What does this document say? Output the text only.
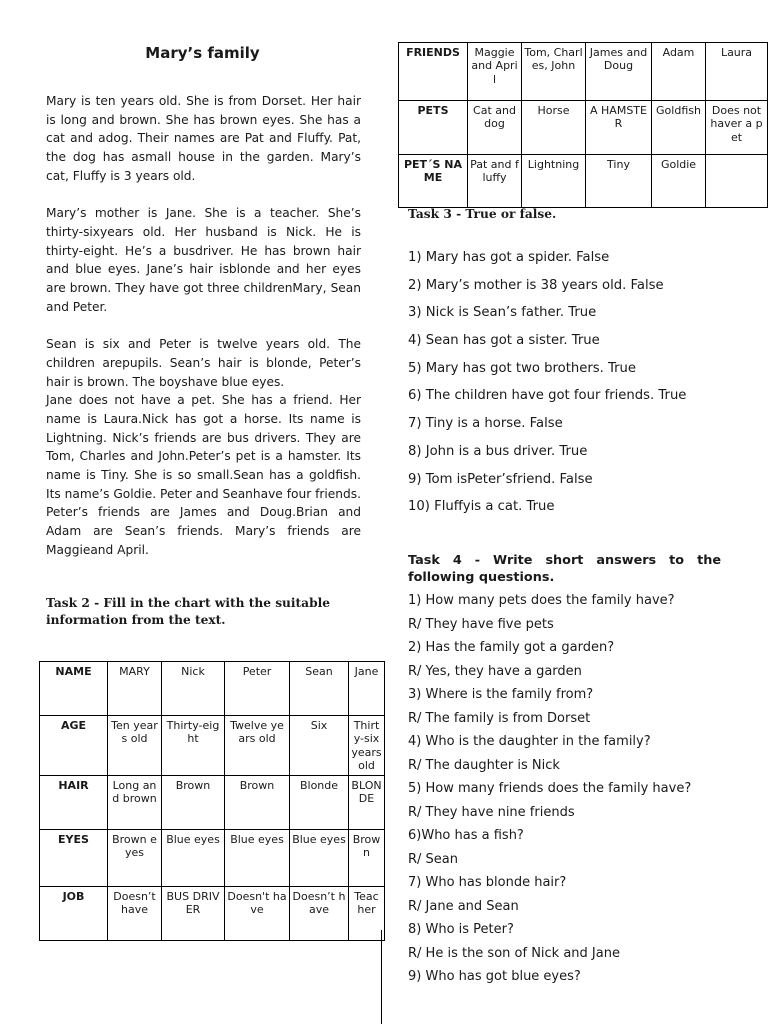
Mary’s family

Mary is ten years old. She is from Dorset. Her hair is long and brown. She has brown eyes. She has a cat and adog. Their names are Pat and Fluffy. Pat, the dog has asmall house in the garden. Mary’s cat, Fluffy is 3 years old.

Mary’s mother is Jane. She is a teacher. She’s thirty-sixyears old. Her husband is Nick. He is thirty-eight. He’s a busdriver. He has brown hair and blue eyes. Jane’s hair isblonde and her eyes are brown. They have got three childrenMary, Sean and Peter.

Sean is six and Peter is twelve years old. The children arepupils. Sean’s hair is blonde, Peter’s hair is brown. The boyshave blue eyes.

Jane does not have a pet. She has a friend. Her name is Laura.Nick has got a horse. Its name is Lightning. Nick’s friends are bus drivers. They are Tom, Charles and John.Peter’s pet is a hamster. Its name is Tiny. She is so small.Sean has a goldfish. Its name’s Goldie. Peter and Seanhave four friends. Peter’s friends are James and Doug.Brian and Adam are Sean’s friends. Mary’s friends are Maggieand April.

Task 2 - Fill in the chart with the suitable information from the text.
NAME	MARY	Nick	Peter	Sean	Jane
AGE	Ten years old	Thirty-eight	Twelve years old	Six	Thirty-six years old
HAIR	Long and brown	Brown	Brown	Blonde	BLONDE
EYES	Brown eyes	Blue eyes	Blue eyes	Blue eyes	Brown
JOB	Doesn’t have	BUS DRIVER	Doesn't have	Doesn’t have	Teacher
FRIENDS	Maggie and April	Tom, Charles, John	James and Doug	Adam	Laura
PETS	Cat and dog	Horse	A HAMSTER	Goldfish	Does not haver a pet
PET´S NAME	Pat and fluffy	Lightning	Tiny	Goldie	
Task 3 - True or false.
1) Mary has got a spider. False
2) Mary’s mother is 38 years old. False
3) Nick is Sean’s father. True
4) Sean has got a sister. True
5) Mary has got two brothers. True
6) The children have got four friends. True
7) Tiny is a horse. False
8) John is a bus driver. True
9) Tom isPeter’sfriend. False
10) Fluffyis a cat. True
Task 4 - Write short answers to the following questions.
1) How many pets does the family have?
R/ They have five pets
2) Has the family got a garden?
R/ Yes, they have a garden
3) Where is the family from?
R/ The family is from Dorset
4) Who is the daughter in the family?
R/ The daughter is Nick
5) How many friends does the family have?
R/ They have nine friends
6)Who has a fish?
R/ Sean
7) Who has blonde hair?
R/ Jane and Sean
8) Who is Peter?
R/ He is the son of Nick and Jane
9) Who has got blue eyes?
